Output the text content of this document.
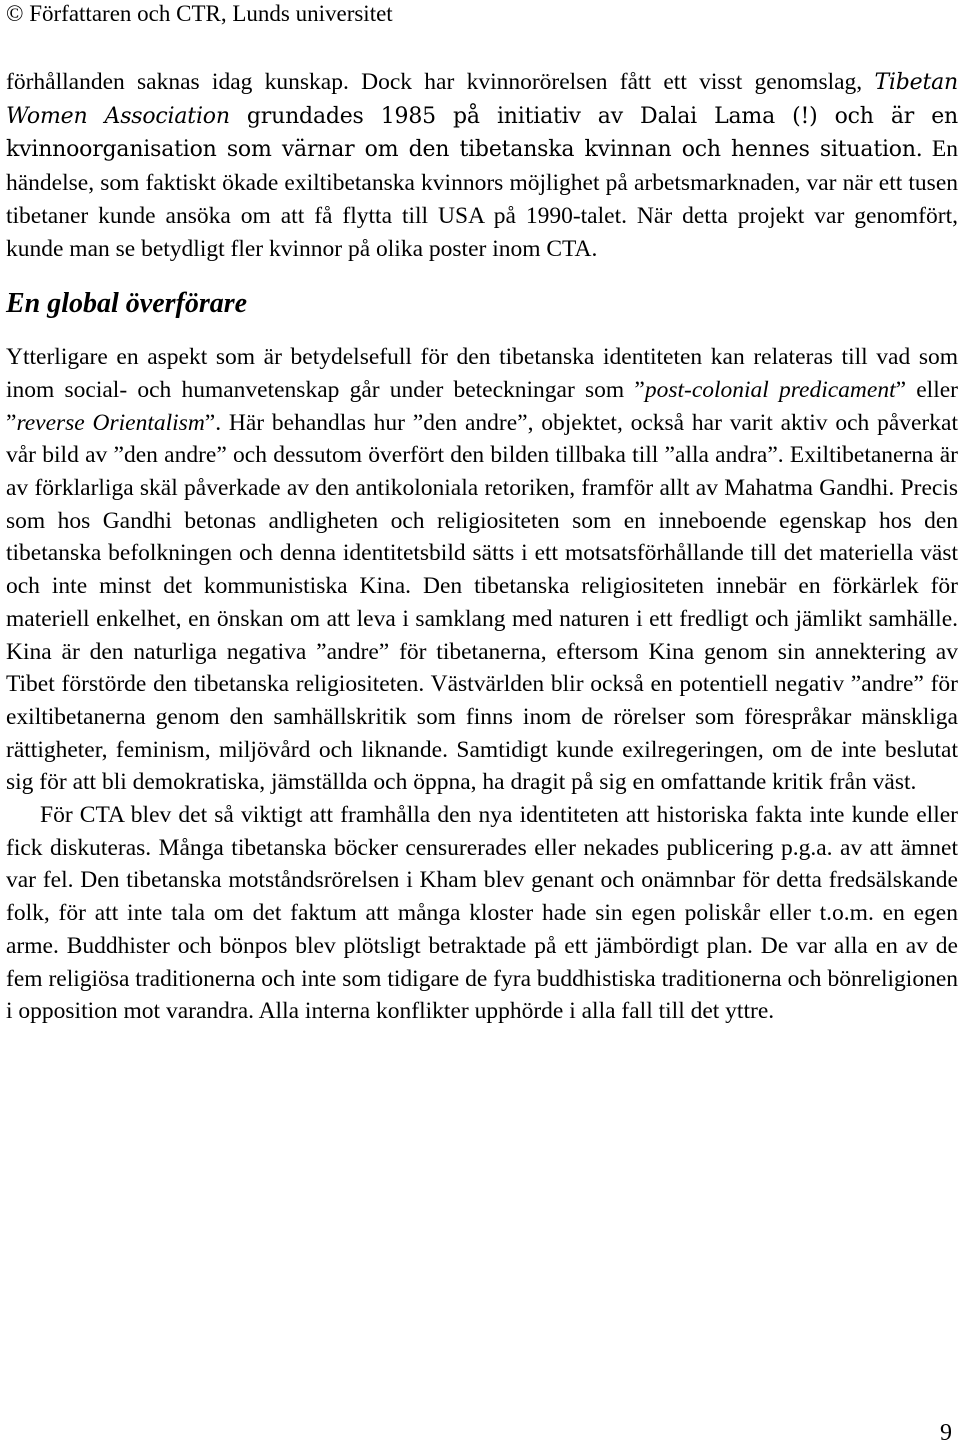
© Författaren och CTR, Lunds universitet

förhållanden saknas idag kunskap. Dock har kvinnorörelsen fått ett visst genomslag, Tibetan Women Association grundades 1985 på initiativ av Dalai Lama (!) och är en kvinnoorganisation som värnar om den tibetanska kvinnan och hennes situation. En händelse, som faktiskt ökade exiltibetanska kvinnors möjlighet på arbetsmarknaden, var när ett tusen tibetaner kunde ansöka om att få flytta till USA på 1990-talet. När detta projekt var genomfört, kunde man se betydligt fler kvinnor på olika poster inom CTA.

En global överförare

Ytterligare en aspekt som är betydelsefull för den tibetanska identiteten kan relateras till vad som inom social- och humanvetenskap går under beteckningar som ”post-colonial predicament” eller ”reverse Orientalism”. Här behandlas hur ”den andre”, objektet, också har varit aktiv och påverkat vår bild av ”den andre” och dessutom överfört den bilden tillbaka till ”alla andra”. Exiltibetanerna är av förklarliga skäl påverkade av den antikoloniala retoriken, framför allt av Mahatma Gandhi. Precis som hos Gandhi betonas andligheten och religiositeten som en inneboende egenskap hos den tibetanska befolkningen och denna identitetsbild sätts i ett motsatsförhållande till det materiella väst och inte minst det kommunistiska Kina. Den tibetanska religiositeten innebär en förkärlek för materiell enkelhet, en önskan om att leva i samklang med naturen i ett fredligt och jämlikt samhälle. Kina är den naturliga negativa ”andre” för tibetanerna, eftersom Kina genom sin annektering av Tibet förstörde den tibetanska religiositeten. Västvärlden blir också en potentiell negativ ”andre” för exiltibetanerna genom den samhällskritik som finns inom de rörelser som förespråkar mänskliga rättigheter, feminism, miljövård och liknande. Samtidigt kunde exilregeringen, om de inte beslutat sig för att bli demokratiska, jämställda och öppna, ha dragit på sig en omfattande kritik från väst.

För CTA blev det så viktigt att framhålla den nya identiteten att historiska fakta inte kunde eller fick diskuteras. Många tibetanska böcker censurerades eller nekades publicering p.g.a. av att ämnet var fel. Den tibetanska motståndsrörelsen i Kham blev genant och onämnbar för detta fredsälskande folk, för att inte tala om det faktum att många kloster hade sin egen poliskår eller t.o.m. en egen arme. Buddhister och bönpos blev plötsligt betraktade på ett jämbördigt plan. De var alla en av de fem religiösa traditionerna och inte som tidigare de fyra buddhistiska traditionerna och bönreligionen i opposition mot varandra. Alla interna konflikter upphörde i alla fall till det yttre.

9
